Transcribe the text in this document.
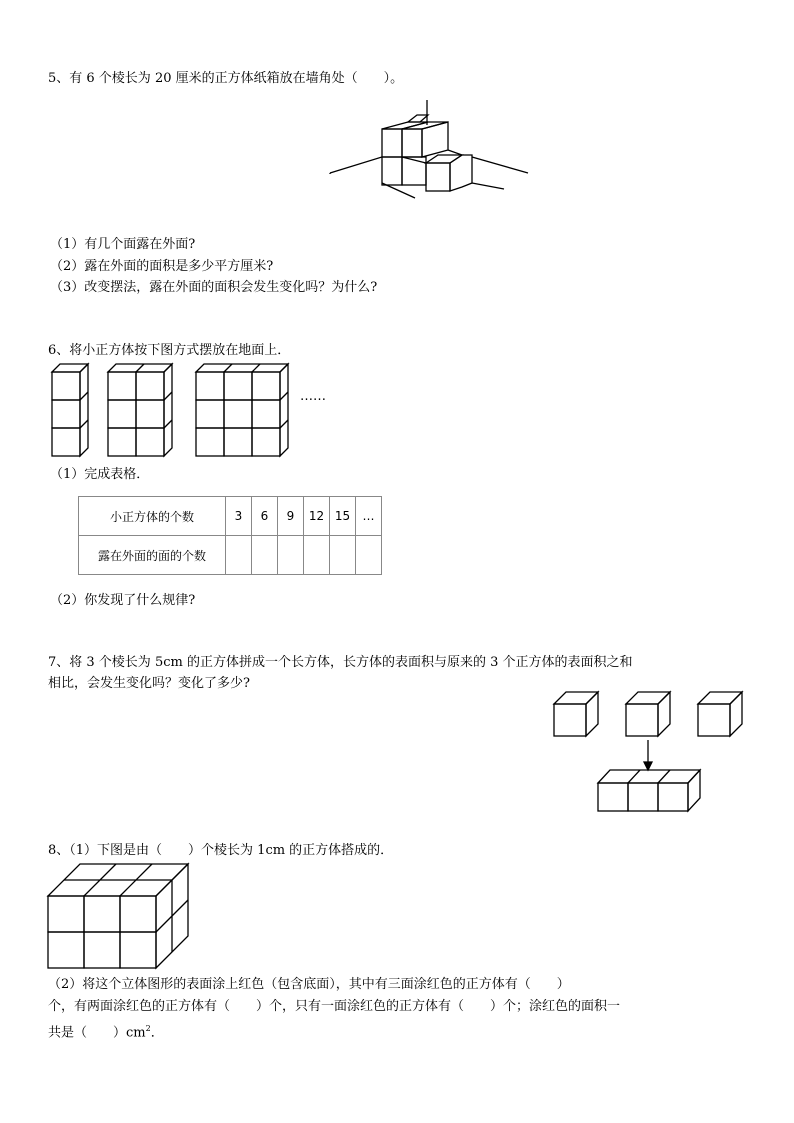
5、有 6 个棱长为 20 厘米的正方体纸箱放在墙角处（　　）。
（1）有几个面露在外面?
（2）露在外面的面积是多少平方厘米?
（3）改变摆法，露在外面的面积会发生变化吗？为什么?
6、将小正方体按下图方式摆放在地面上．
……
（1）完成表格．
小正方体的个数	3	6	9	12	15	…
露在外面的面的个数						
（2）你发现了什么规律?
7、将 3 个棱长为 5cm 的正方体拼成一个长方体，长方体的表面积与原来的 3 个正方体的表面积之和
相比，会发生变化吗？变化了多少?
8、（1）下图是由（　　）个棱长为 1cm 的正方体搭成的．
（2）将这个立体图形的表面涂上红色（包含底面），其中有三面涂红色的正方体有（　　）
个，有两面涂红色的正方体有（　　）个，只有一面涂红色的正方体有（　　）个；涂红色的面积一
共是（　　）$cm^2$．
